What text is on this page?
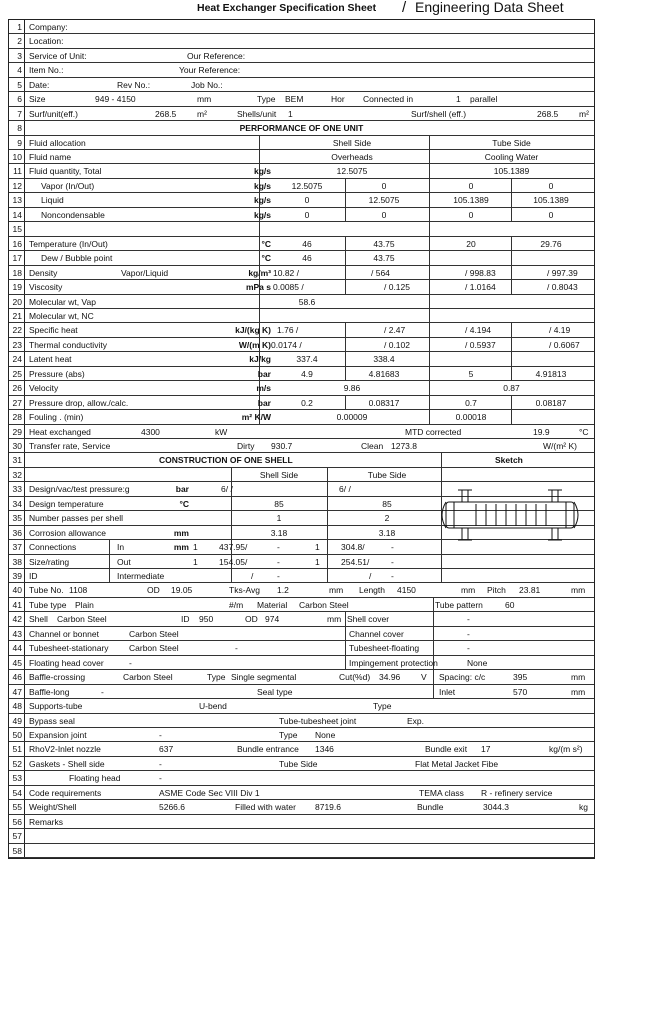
Heat Exchanger Specification Sheet / Engineering Data Sheet
1 Company:
2 Location:
3 Service of Unit:	Our Reference:
4 Item No.:	Your Reference:
5 Date:	Rev No.:	Job No.:
6 Size	949 - 4150	mm	Type BEM	Hor Connected in	1 parallel
7 Surf/unit(eff.)	268.5 m²	Shells/unit 1	Surf/shell (eff.)	268.5 m²
8	PERFORMANCE OF ONE UNIT
9 Fluid allocation	Shell Side	Tube Side
10 Fluid name	Overheads	Cooling Water
11 Fluid quantity, Total	kg/s	12.5075	105.1389
12	Vapor (In/Out)	kg/s	12.5075	0	0	0
13	Liquid	kg/s	0	12.5075	105.1389	105.1389
14	Noncondensable	kg/s	0	0	0	0
15
16 Temperature (In/Out)	°C	46	43.75	20	29.76
17	Dew / Bubble point	°C	46	43.75
18 Density	Vapor/Liquid	kg/m³ 10.82 /	/ 564	/ 998.83	/ 997.39
19 Viscosity	mPa s 0.0085 /	/ 0.125	/ 1.0164	/ 0.8043
20 Molecular wt, Vap	58.6
21 Molecular wt, NC
22 Specific heat	kJ/(kg K) 1.76 /	/ 2.47	/ 4.194	/ 4.19
23 Thermal conductivity	W/(m K) 0.0174 /	/ 0.102	/ 0.5937	/ 0.6067
24 Latent heat	kJ/kg	337.4	338.4
25 Pressure (abs)	bar	4.9	4.81683	5	4.91813
26 Velocity	m/s	9.86	0.87
27 Pressure drop, allow./calc.	bar	0.2	0.08317	0.7	0.08187
28 Fouling . (min)	m² K/W	0.00009	0.00018
29 Heat exchanged	4300	kW	MTD corrected	19.9	°C
30 Transfer rate, Service	Dirty 930.7	Clean 1273.8	W/(m² K)
31	CONSTRUCTION OF ONE SHELL	Sketch
32	Shell Side	Tube Side
33 Design/vac/test pressure:g	bar	6/ /	6/ /
34 Design temperature	°C	85	85
35 Number passes per shell	1	2
36 Corrosion allowance	mm	3.18	3.18
37 Connections	In	mm 1	437.95/	-	1	304.8/	-
38 Size/rating	Out	1	154.05/	-	1	254.51/	-
39 ID	Intermediate	/	-	/ -
40 Tube No. 1108	OD 19.05	Tks-Avg 1.2	mm Length 4150	mm Pitch 23.81	mm
41 Tube type Plain	#/m Material Carbon Steel	Tube pattern	60
42 Shell Carbon Steel	ID 950	OD 974	mm Shell cover	-
43 Channel or bonnet	Carbon Steel	Channel cover	-
44 Tubesheet-stationary Carbon Steel	-	Tubesheet-floating	-
45 Floating head cover	-	Impingement protection	None
46 Baffle-crossing	Carbon Steel	Type Single segmental	Cut(%d) 34.96 V Spacing: c/c	395	mm
47 Baffle-long	-	Seal type	Inlet	570	mm
48 Supports-tube	U-bend	Type
49 Bypass seal	Tube-tubesheet joint	Exp.
50 Expansion joint	-	Type None
51 RhoV2-Inlet nozzle	637	Bundle entrance 1346	Bundle exit 17	kg/(m s²)
52 Gaskets - Shell side	-	Tube Side	Flat Metal Jacket Fibe
53	Floating head	-
54 Code requirements	ASME Code Sec VIII Div 1	TEMA class R - refinery service
55 Weight/Shell	5266.6	Filled with water 8719.6	Bundle	3044.3	kg
56 Remarks
57
58
